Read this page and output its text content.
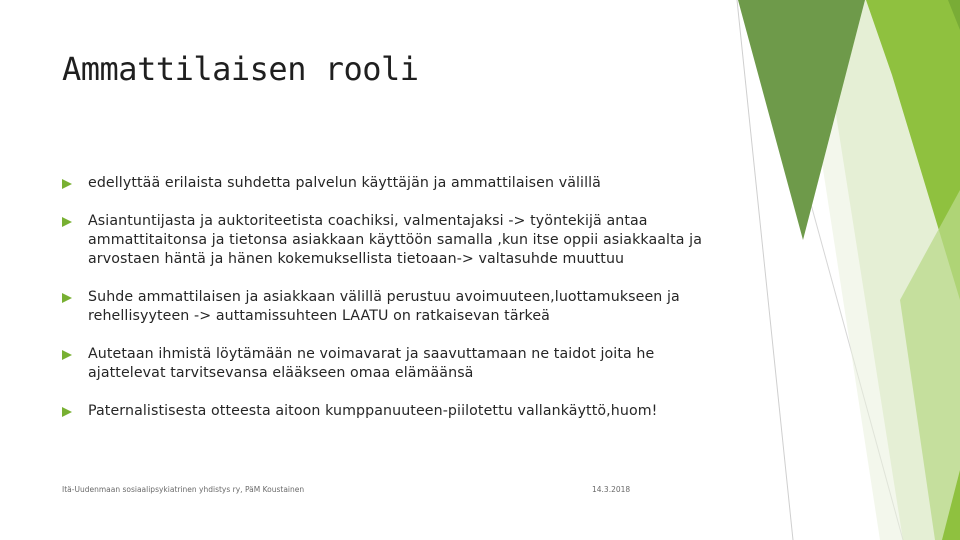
Ammattilaisen rooli
edellyttää erilaista suhdetta palvelun käyttäjän ja ammattilaisen välillä
Asiantuntijasta ja auktoriteetista coachiksi, valmentajaksi -> työntekijä antaa ammattitaitonsa ja tietonsa asiakkaan käyttöön samalla ,kun itse oppii asiakkaalta ja arvostaen häntä ja hänen kokemuksellista tietoaan-> valtasuhde muuttuu
Suhde ammattilaisen ja asiakkaan välillä perustuu avoimuuteen,luottamukseen ja rehellisyyteen -> auttamissuhteen LAATU on ratkaisevan tärkeä
Autetaan ihmistä löytämään ne voimavarat ja saavuttamaan ne taidot joita he ajattelevat tarvitsevansa elääkseen omaa elämäänsä
Paternalistisesta otteesta aitoon kumppanuuteen-piilotettu vallankäyttö,huom!
Itä-Uudenmaan sosiaalipsykiatrinen yhdistys ry, PäM Koustainen	14.3.2018
